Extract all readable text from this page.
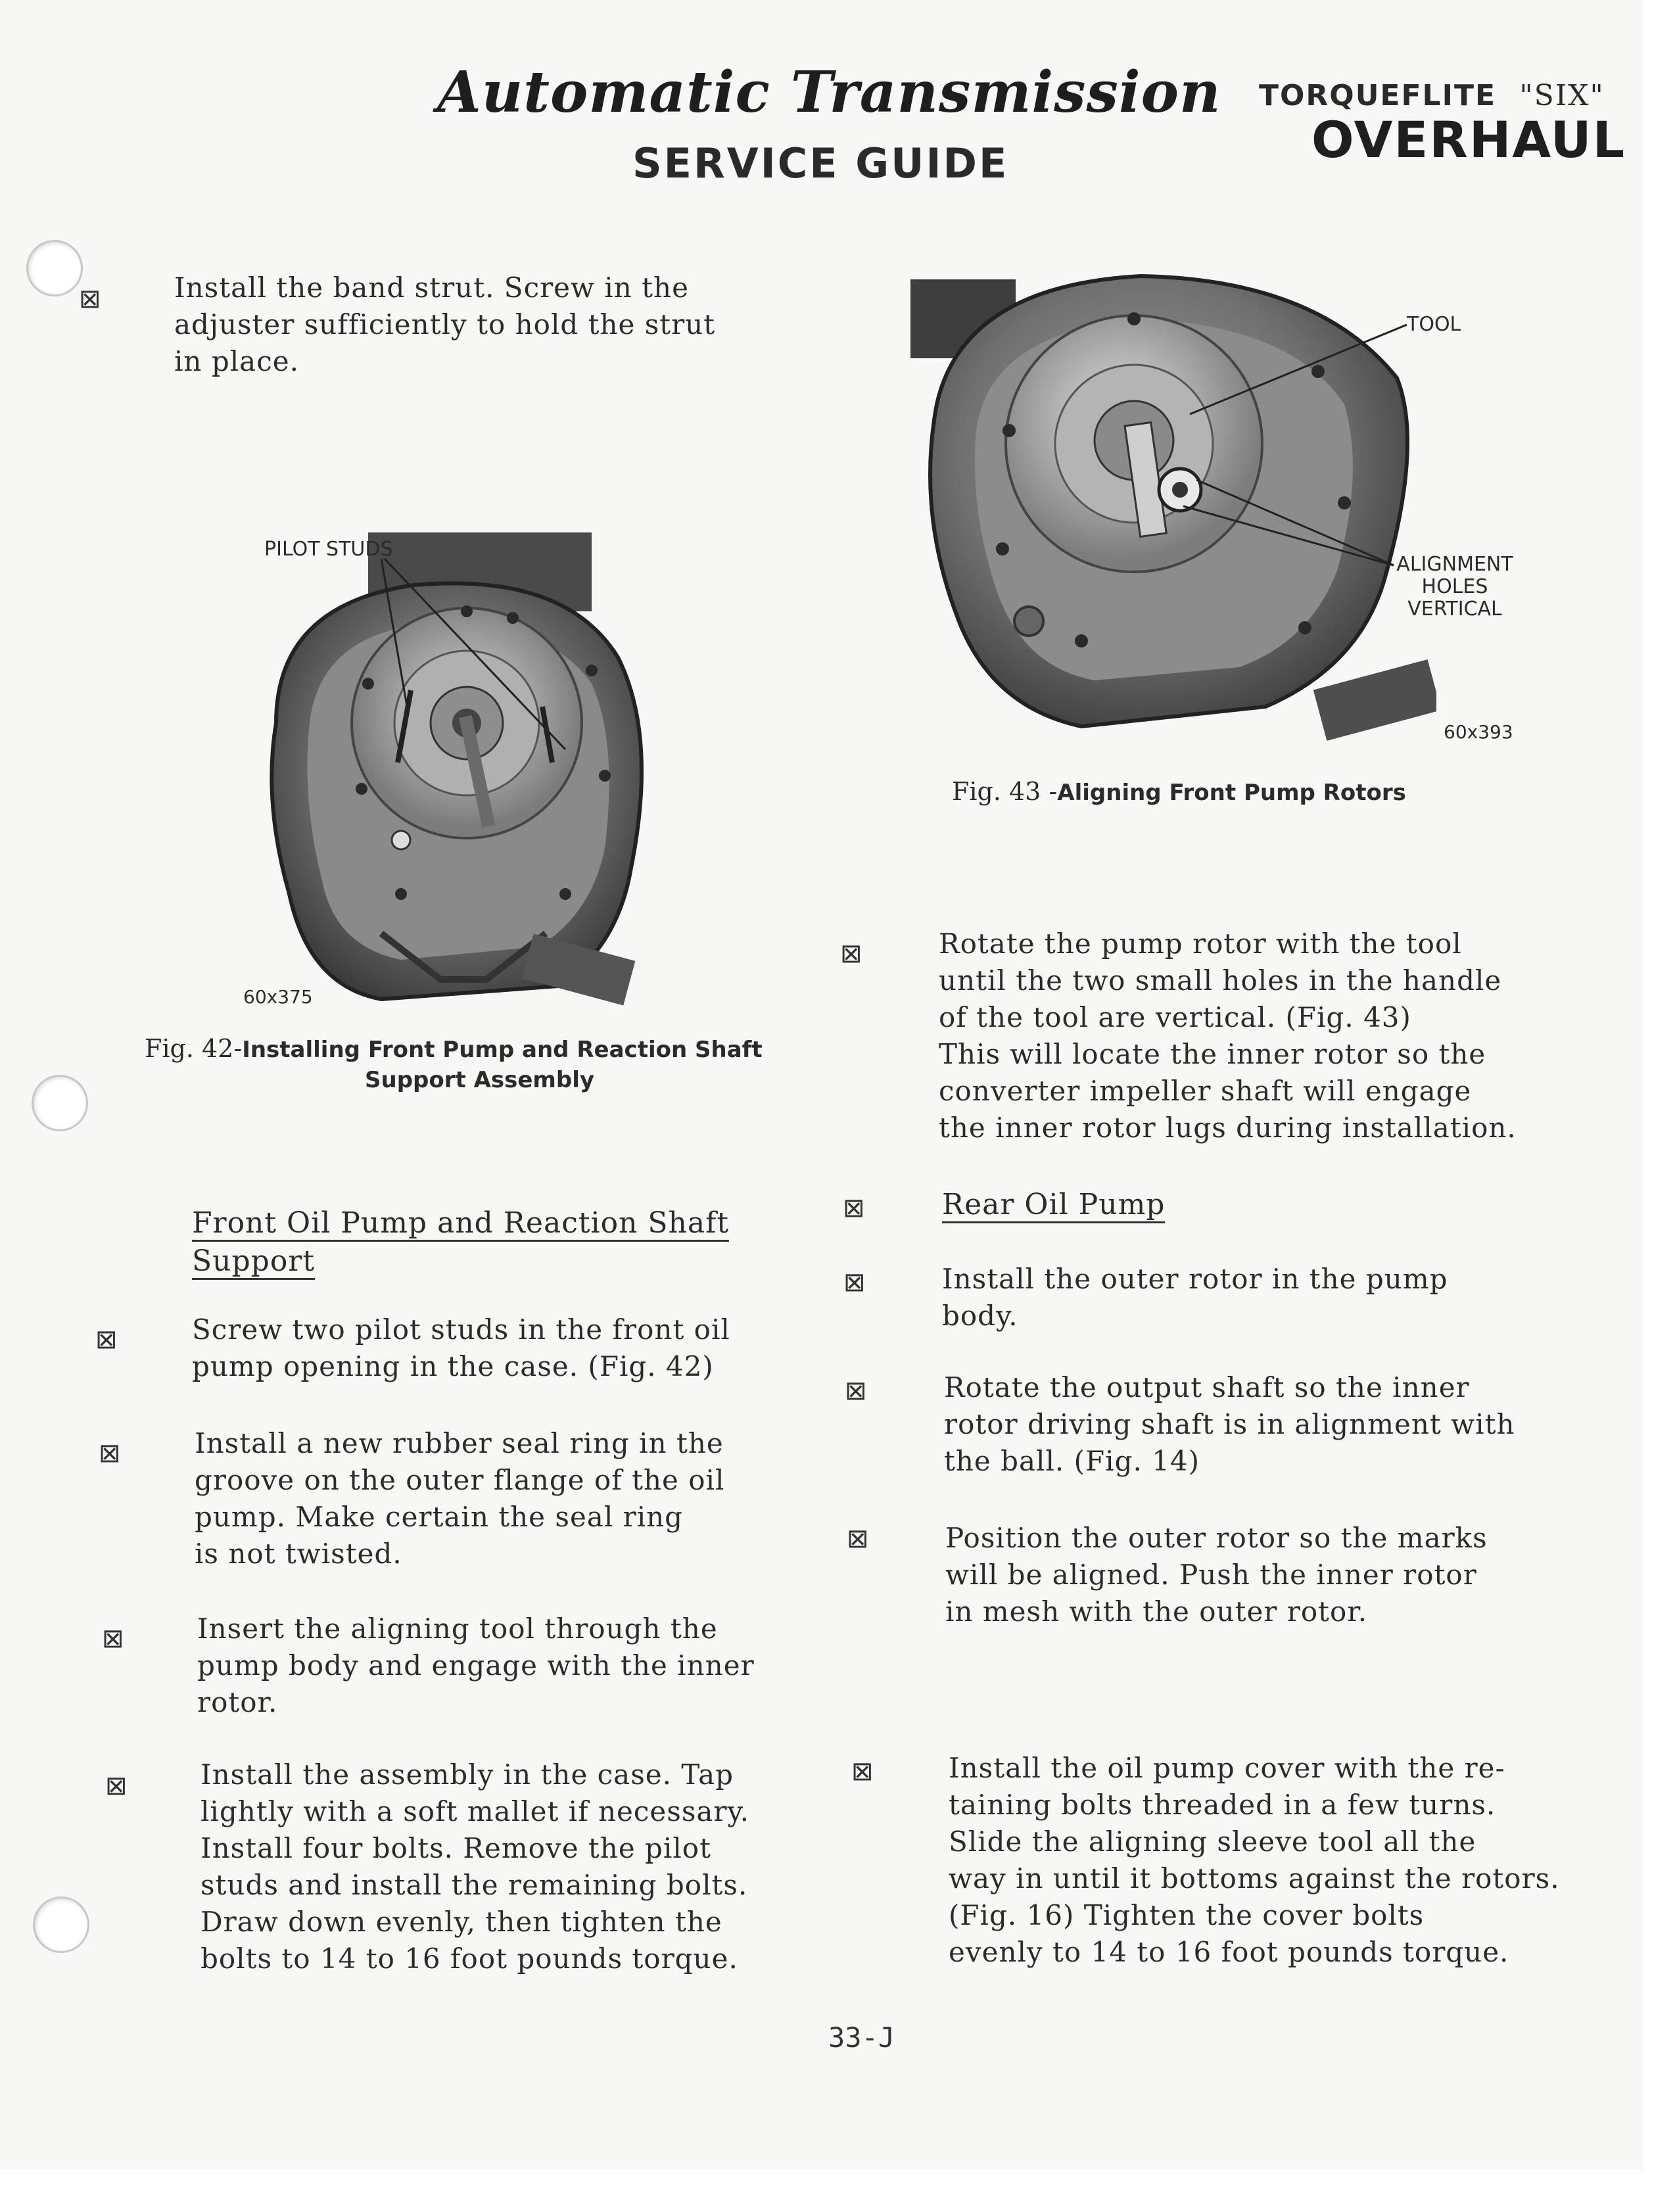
Automatic Transmission
SERVICE GUIDE
TORQUEFLITE "SIX"
OVERHAUL
⊠	Install the band strut. Screw in the
adjuster sufficiently to hold the strut
in place.
PILOT STUDS
60x375
Fig. 42-Installing Front Pump and Reaction Shaft
Support Assembly
TOOL
ALIGNMENT
HOLES
VERTICAL
60x393
Fig. 43 -Aligning Front Pump Rotors
⊠	Rotate the pump rotor with the tool
until the two small holes in the handle
of the tool are vertical. (Fig. 43)
This will locate the inner rotor so the
converter impeller shaft will engage
the inner rotor lugs during installation.
Front Oil Pump and Reaction Shaft
Support
⊠	Screw two pilot studs in the front oil
pump opening in the case. (Fig. 42)
⊠	Install a new rubber seal ring in the
groove on the outer flange of the oil
pump. Make certain the seal ring
is not twisted.
⊠	Insert the aligning tool through the
pump body and engage with the inner
rotor.
⊠	Install the assembly in the case. Tap
lightly with a soft mallet if necessary.
Install four bolts. Remove the pilot
studs and install the remaining bolts.
Draw down evenly, then tighten the
bolts to 14 to 16 foot pounds torque.
⊠	Rear Oil Pump
⊠	Install the outer rotor in the pump
body.
⊠	Rotate the output shaft so the inner
rotor driving shaft is in alignment with
the ball. (Fig. 14)
⊠	Position the outer rotor so the marks
will be aligned. Push the inner rotor
in mesh with the outer rotor.
⊠	Install the oil pump cover with the re-
taining bolts threaded in a few turns.
Slide the aligning sleeve tool all the
way in until it bottoms against the rotors.
(Fig. 16) Tighten the cover bolts
evenly to 14 to 16 foot pounds torque.
33-J
